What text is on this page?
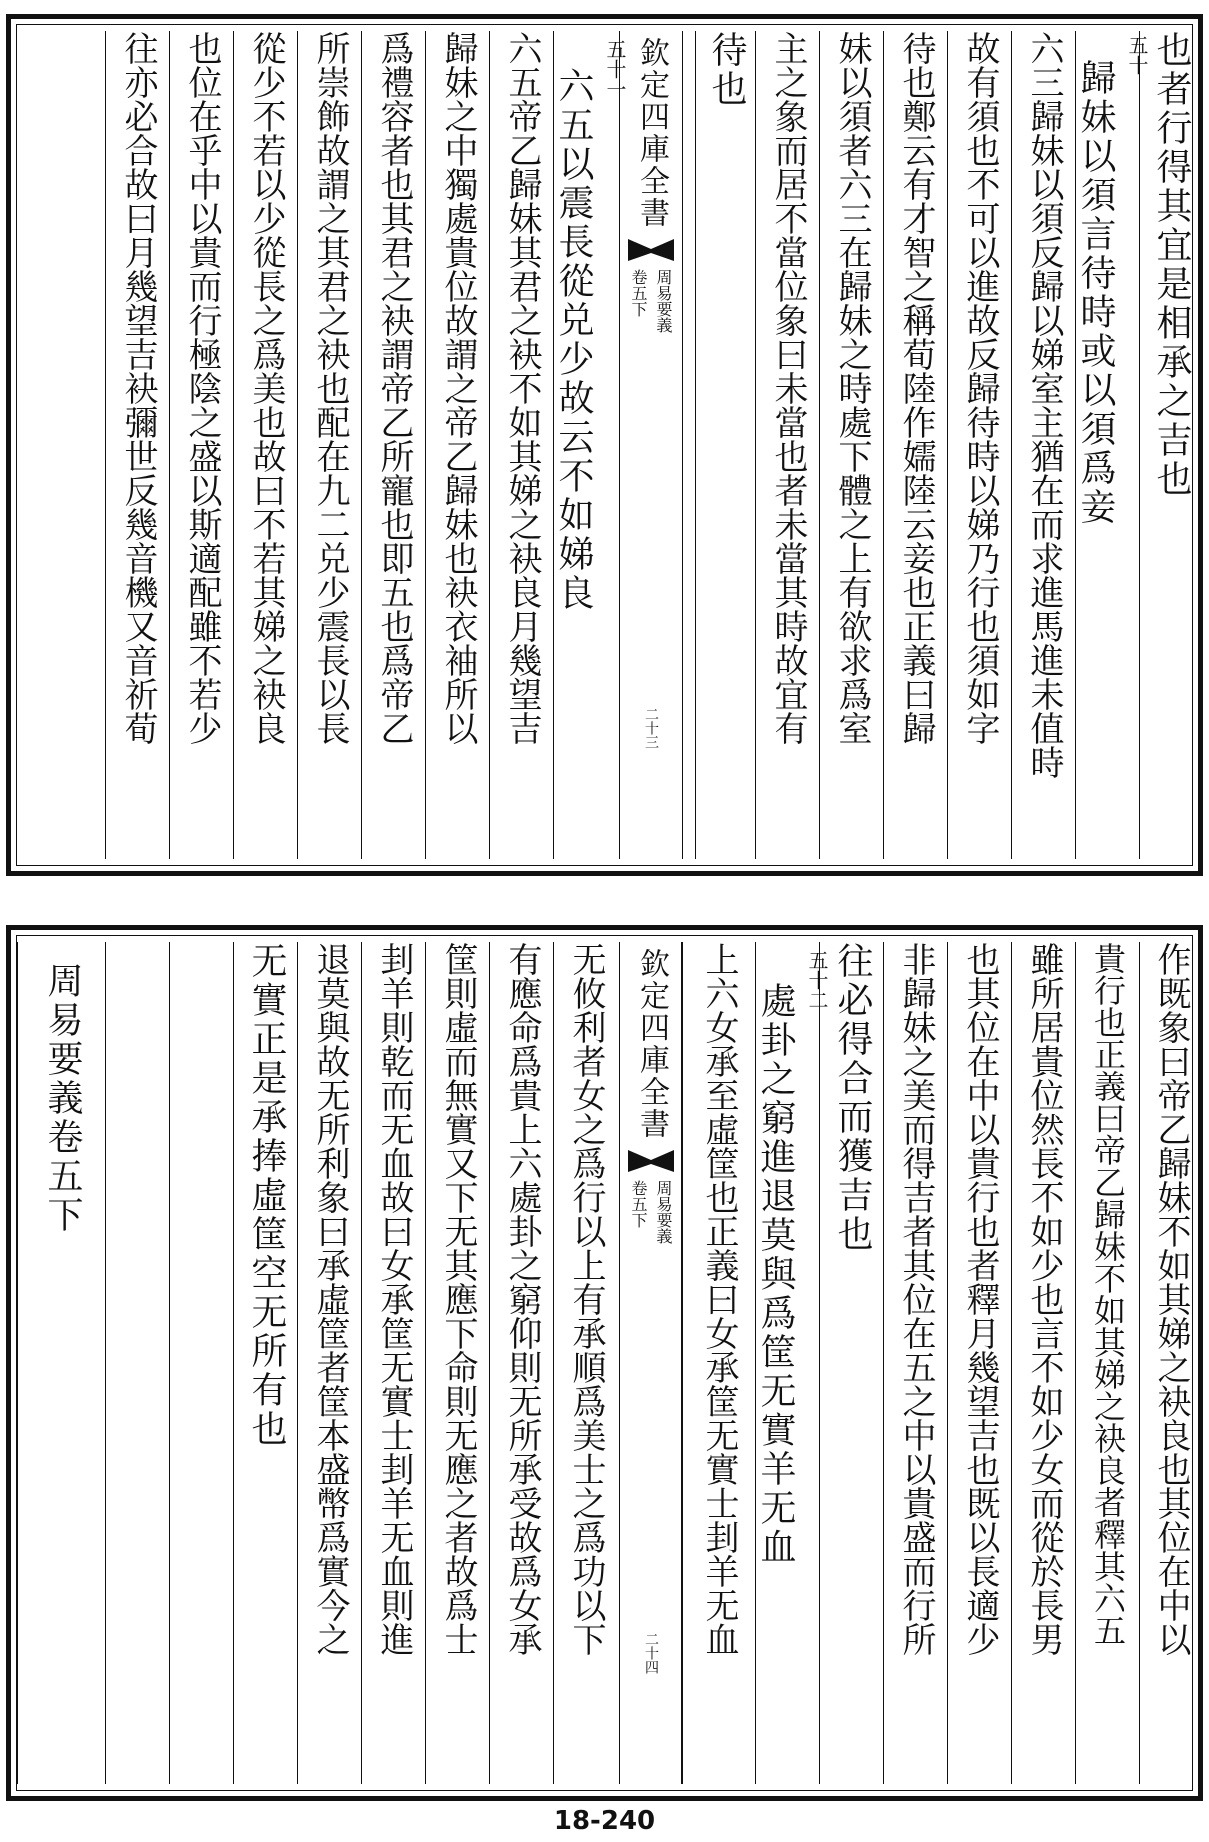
也者行得其宜是相承之吉也
五
十
歸妹以須言待時或以須爲妾
六三歸妹以須反歸以娣室主猶在而求進馬進未值時
故有須也不可以進故反歸待時以娣乃行也須如字
待也鄭云有才智之稱荀陸作嬬陸云妾也正義曰歸
妹以須者六三在歸妹之時處下體之上有欲求爲室
主之象而居不當位象曰未當也者未當其時故宜有
待也
欽定四庫全書
周易要義
卷五下
二十三
五
十
一
六五以震長從兑少故云不如娣良
六五帝乙歸妹其君之袂不如其娣之袂良月幾望吉
歸妹之中獨處貴位故謂之帝乙歸妹也袂衣袖所以
爲禮容者也其君之袂謂帝乙所寵也即五也爲帝乙
所崇飾故謂之其君之袂也配在九二兑少震長以長
從少不若以少從長之爲美也故曰不若其娣之袂良
也位在乎中以貴而行極陰之盛以斯適配雖不若少
往亦必合故曰月幾望吉袂彌世反幾音機又音祈荀
作既象曰帝乙歸妹不如其娣之袂良也其位在中以
貴行也正義曰帝乙歸妹不如其娣之袂良者釋其六五
雖所居貴位然長不如少也言不如少女而從於長男
也其位在中以貴行也者釋月幾望吉也既以長適少
非歸妹之美而得吉者其位在五之中以貴盛而行所
往必得合而獲吉也
五
十
二
處卦之窮進退莫與爲筐无實羊无血
上六女承至虛筐也正義曰女承筐无實士刲羊无血
欽定四庫全書
周易要義
卷五下
二十四
无攸利者女之爲行以上有承順爲美士之爲功以下
有應命爲貴上六處卦之窮仰則无所承受故爲女承
筐則虛而無實又下无其應下命則无應之者故爲士
刲羊則乾而无血故曰女承筐无實士刲羊无血則進
退莫與故无所利象曰承虛筐者筐本盛幣爲實今之
无實正是承捧虛筐空无所有也
周易要義卷五下
18-240
